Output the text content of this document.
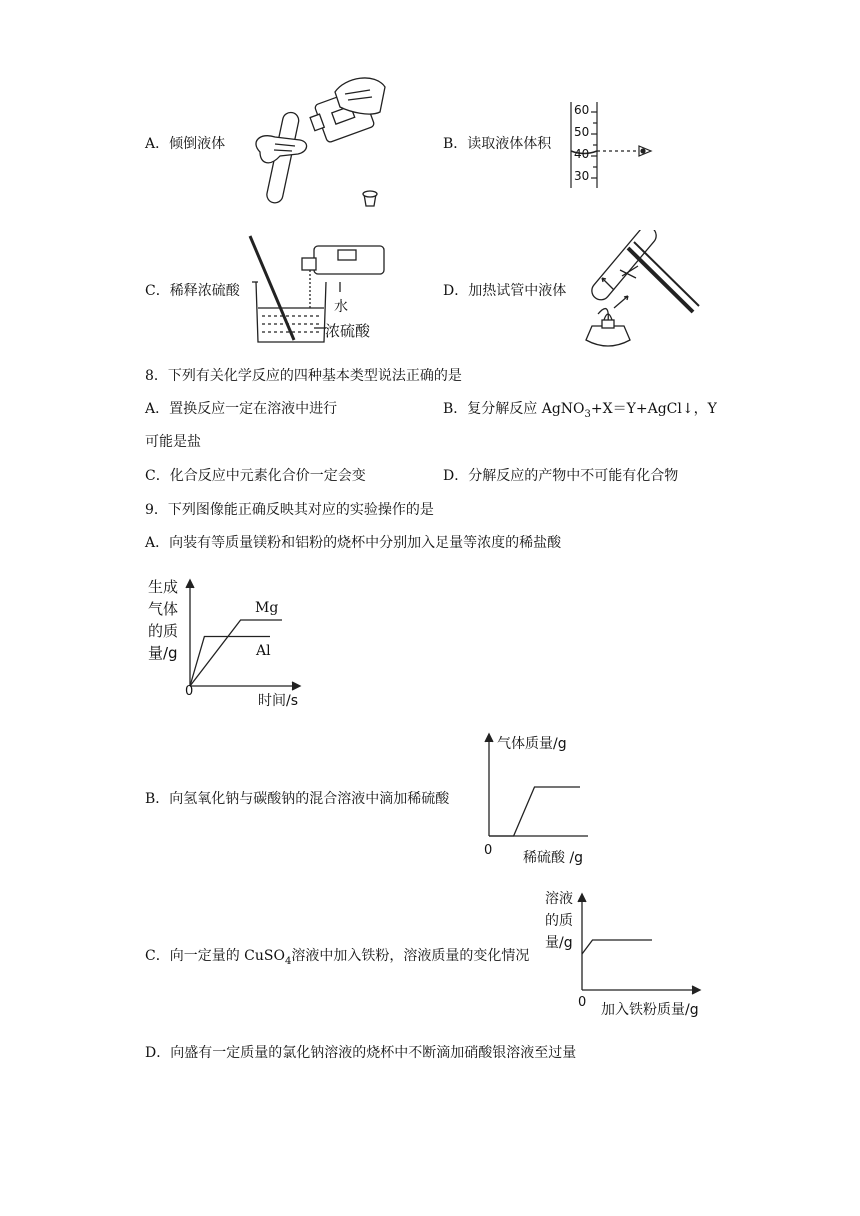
A．倾倒液体	B．读取液体体积
C．稀释浓硫酸	D．加热试管中液体
60
50
40
30
水
浓硫酸
8．下列有关化学反应的四种基本类型说法正确的是
A．置换反应一定在溶液中进行	B．复分解反应 AgNO$_3$+X＝Y+AgCl↓，Y
可能是盐
C．化合反应中元素化合价一定会变	D．分解反应的产物中不可能有化合物
9．下列图像能正确反映其对应的实验操作的是
A．向装有等质量镁粉和铝粉的烧杯中分别加入足量等浓度的稀盐酸
生成
气体
的质
量/g
Mg
Al
0
时间/s
B．向氢氧化钠与碳酸钠的混合溶液中滴加稀硫酸
气体质量/g
0 稀硫酸 /g
C．向一定量的 CuSO$_4$溶液中加入铁粉，溶液质量的变化情况
溶液
的质
量/g
0 加入铁粉质量/g
D．向盛有一定质量的氯化钠溶液的烧杯中不断滴加硝酸银溶液至过量
